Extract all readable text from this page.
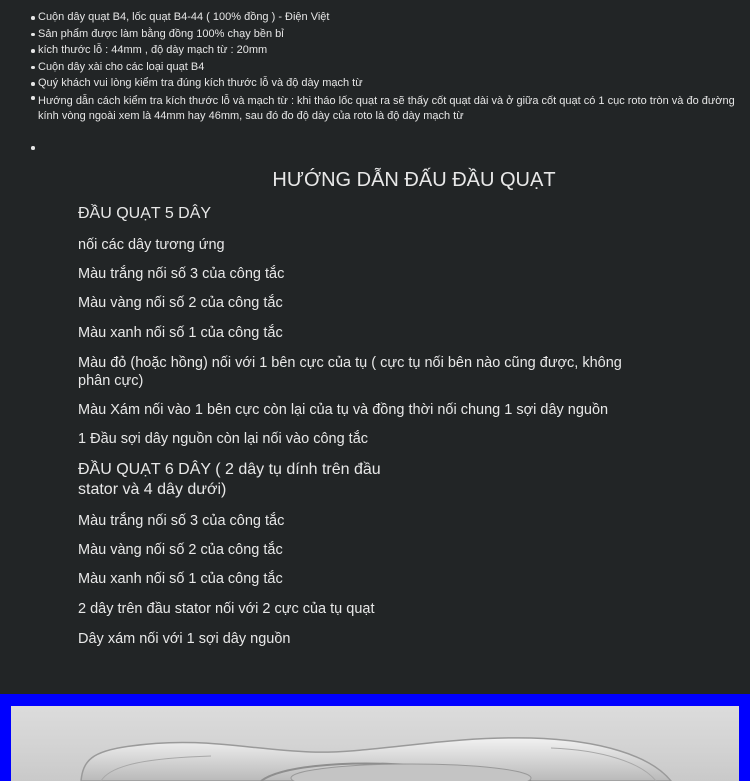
Cuộn dây quạt B4, lốc quạt B4-44 ( 100% đồng ) - Điện Việt
Sản phẩm được làm bằng đồng 100% chạy bền bỉ
kích thước lỗ : 44mm , độ dày mạch từ : 20mm
Cuộn dây xài cho các loại quạt B4
Quý khách vui lòng kiểm tra đúng kích thước lỗ và độ dày mạch từ
Hướng dẫn cách kiểm tra kích thước lỗ và mạch từ : khi tháo lốc quạt ra sẽ thấy cốt quạt dài và ở giữa cốt quạt có 1 cục roto tròn và đo đường kính vòng ngoài xem là 44mm hay 46mm, sau đó đo độ dày của roto là độ dày mạch từ
HƯỚNG DẪN ĐẤU ĐẦU QUẠT
ĐẦU QUẠT 5 DÂY
nối các dây tương ứng
Màu trắng nối số 3 của công tắc
Màu vàng nối số 2 của công tắc
Màu xanh nối số 1 của công tắc
Màu đỏ (hoặc hồng) nối với 1 bên cực của tụ ( cực tụ nối bên nào cũng được, không phân cực)
Màu Xám nối vào 1 bên cực còn lại của tụ và đồng thời nối chung 1 sợi dây nguồn
1 Đầu sợi dây nguồn còn lại nối vào công tắc
ĐẦU QUẠT 6 DÂY ( 2 dây tụ dính trên đầu
stator và 4 dây dưới)
Màu trắng nối số 3 của công tắc
Màu vàng nối số 2 của công tắc
Màu xanh nối số 1 của công tắc
2 dây trên đầu stator nối với 2 cực của tụ quạt
Dây xám nối với 1 sợi dây nguồn
